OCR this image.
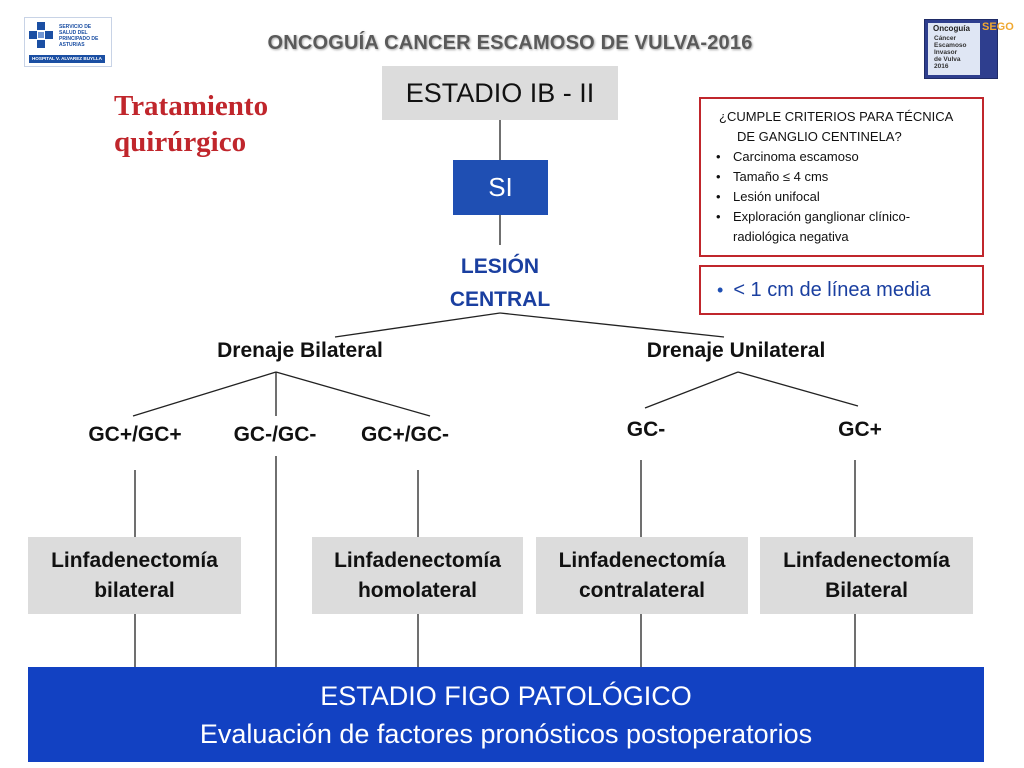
SERVICIO DE SALUD DEL PRINCIPADO DE ASTURIAS
HOSPITAL V. ALVAREZ BUYLLA
ONCOGUÍA CANCER ESCAMOSO DE VULVA-2016
Oncoguía
Cáncer
Escamoso
Invasor
de Vulva
2016
SEGO
Tratamiento quirúrgico
ESTADIO IB - II
SI
LESIÓN
CENTRAL
¿CUMPLE CRITERIOS PARA TÉCNICA
DE GANGLIO CENTINELA?
• Carcinoma escamoso
• Tamaño ≤ 4 cms
• Lesión unifocal
• Exploración ganglionar clínico-
radiológica negativa
• < 1 cm de línea media
Drenaje Bilateral	Drenaje Unilateral
GC+/GC+	GC-/GC-	GC+/GC-	GC-	GC+
Linfadenectomía
bilateral
Linfadenectomía
homolateral
Linfadenectomía
contralateral
Linfadenectomía
Bilateral
ESTADIO FIGO PATOLÓGICO
Evaluación de factores pronósticos postoperatorios
